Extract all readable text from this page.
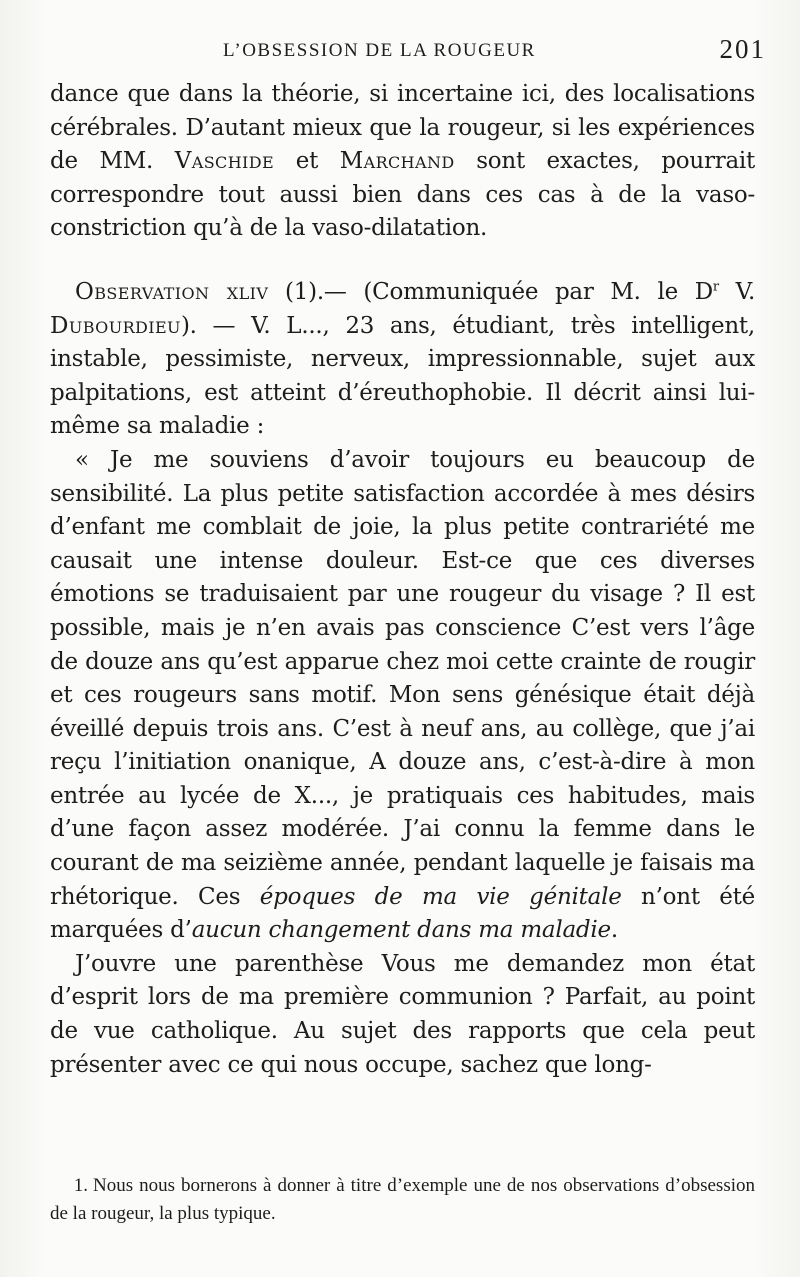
L’OBSESSION DE LA ROUGEUR	201

dance que dans la théorie, si incertaine ici, des localisations cérébrales. D’autant mieux que la rougeur, si les expériences de MM. Vaschide et Marchand sont exactes, pourrait correspondre tout aussi bien dans ces cas à de la vaso-constriction qu’à de la vaso-dilatation.

Observation xliv (1).— (Communiquée par M. le $D^r$ V. Dubourdieu). — V. L..., 23 ans, étudiant, très intelligent, instable, pessimiste, nerveux, impressionnable, sujet aux palpitations, est atteint d’éreuthophobie. Il décrit ainsi lui-même sa maladie :

« Je me souviens d’avoir toujours eu beaucoup de sensibilité. La plus petite satisfaction accordée à mes désirs d’enfant me comblait de joie, la plus petite contrariété me causait une intense douleur. Est-ce que ces diverses émotions se traduisaient par une rougeur du visage ? Il est possible, mais je n’en avais pas conscience C’est vers l’âge de douze ans qu’est apparue chez moi cette crainte de rougir et ces rougeurs sans motif. Mon sens génésique était déjà éveillé depuis trois ans. C’est à neuf ans, au collège, que j’ai reçu l’initiation onanique, A douze ans, c’est-à-dire à mon entrée au lycée de X..., je pratiquais ces habitudes, mais d’une façon assez modérée. J’ai connu la femme dans le courant de ma seizième année, pendant laquelle je faisais ma rhétorique. Ces époques de ma vie génitale n’ont été marquées d’aucun changement dans ma maladie.

J’ouvre une parenthèse Vous me demandez mon état d’esprit lors de ma première communion ? Parfait, au point de vue catholique. Au sujet des rapports que cela peut présenter avec ce qui nous occupe, sachez que long-

1. Nous nous bornerons à donner à titre d’exemple une de nos observations d’obsession de la rougeur, la plus typique.
